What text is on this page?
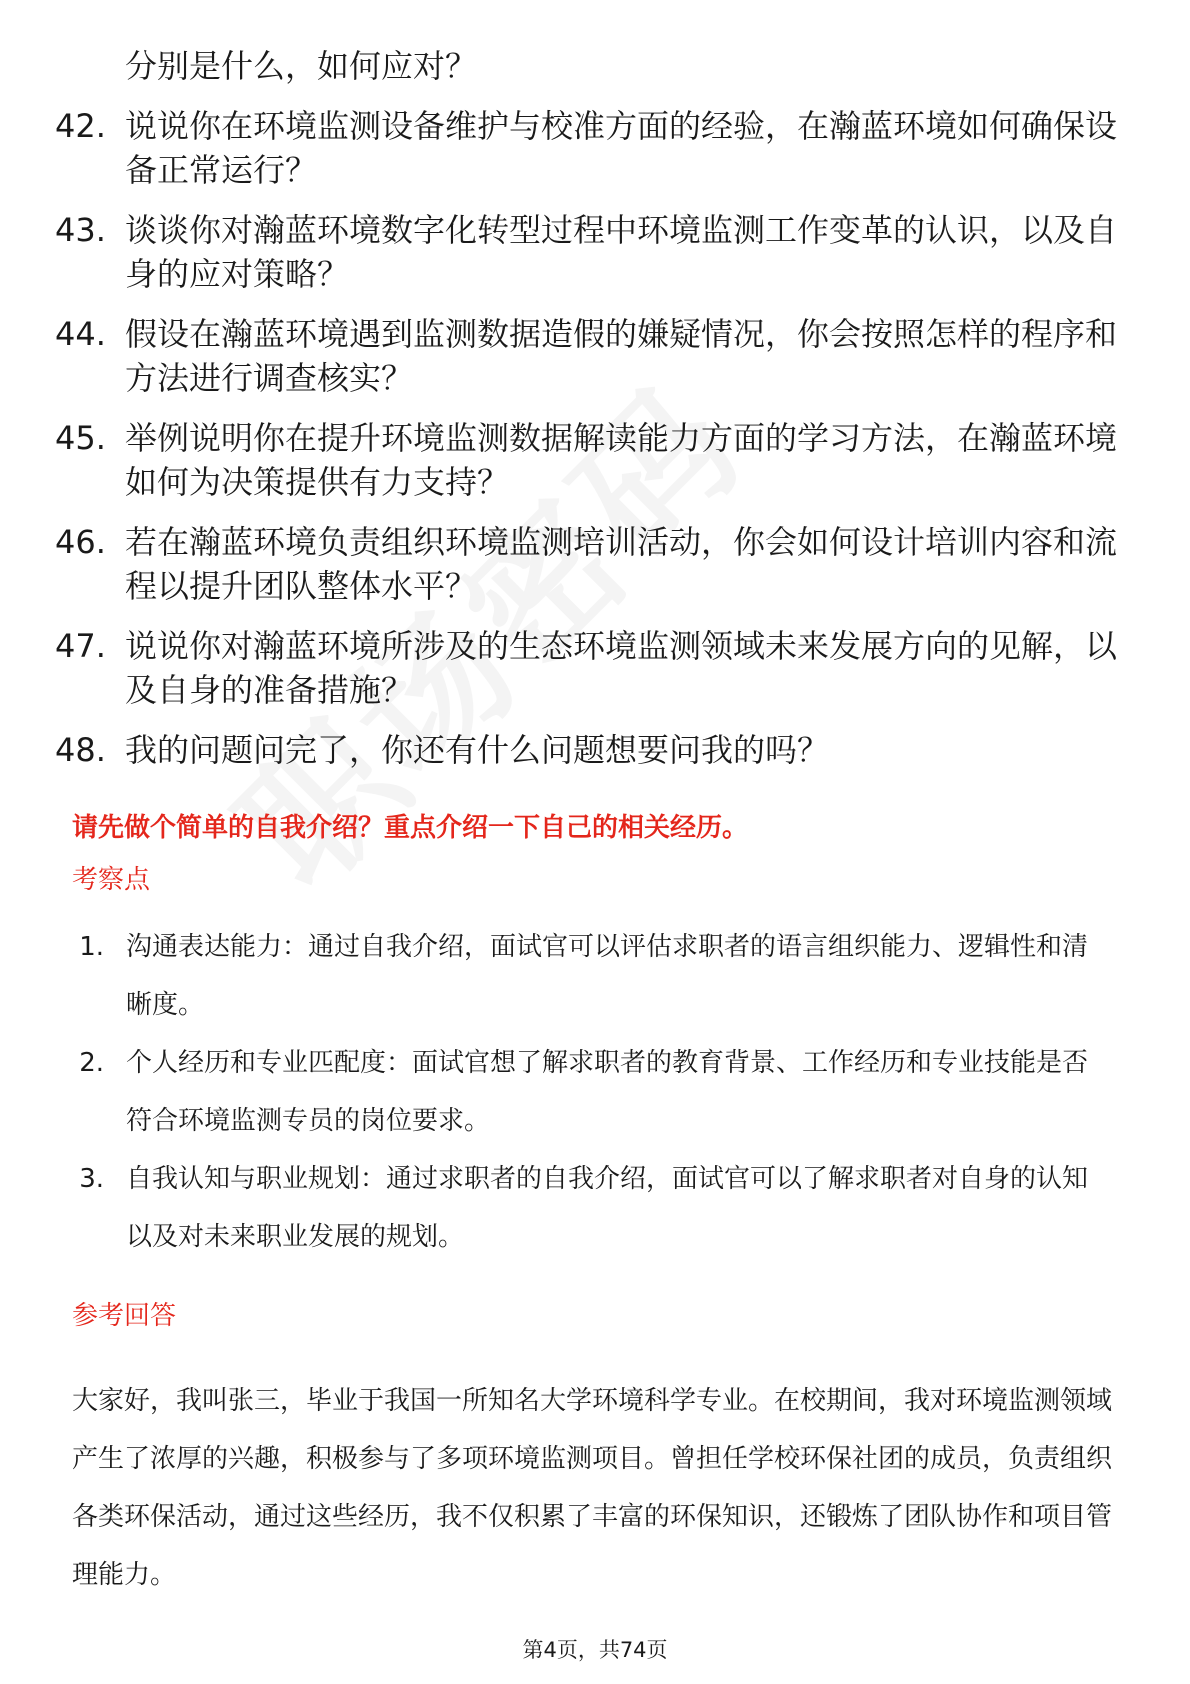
分别是什么，如何应对？
42. 说说你在环境监测设备维护与校准方面的经验，在瀚蓝环境如何确保设备正常运行？
43. 谈谈你对瀚蓝环境数字化转型过程中环境监测工作变革的认识，以及自身的应对策略？
44. 假设在瀚蓝环境遇到监测数据造假的嫌疑情况，你会按照怎样的程序和方法进行调查核实？
45. 举例说明你在提升环境监测数据解读能力方面的学习方法，在瀚蓝环境如何为决策提供有力支持？
46. 若在瀚蓝环境负责组织环境监测培训活动，你会如何设计培训内容和流程以提升团队整体水平？
47. 说说你对瀚蓝环境所涉及的生态环境监测领域未来发展方向的见解，以及自身的准备措施？
48. 我的问题问完了，你还有什么问题想要问我的吗？
请先做个简单的自我介绍？重点介绍一下自己的相关经历。
考察点
1. 沟通表达能力：通过自我介绍，面试官可以评估求职者的语言组织能力、逻辑性和清晰度。
2. 个人经历和专业匹配度：面试官想了解求职者的教育背景、工作经历和专业技能是否符合环境监测专员的岗位要求。
3. 自我认知与职业规划：通过求职者的自我介绍，面试官可以了解求职者对自身的认知以及对未来职业发展的规划。
参考回答
大家好，我叫张三，毕业于我国一所知名大学环境科学专业。在校期间，我对环境监测领域产生了浓厚的兴趣，积极参与了多项环境监测项目。曾担任学校环保社团的成员，负责组织各类环保活动，通过这些经历，我不仅积累了丰富的环保知识，还锻炼了团队协作和项目管理能力。
第4页，共74页
